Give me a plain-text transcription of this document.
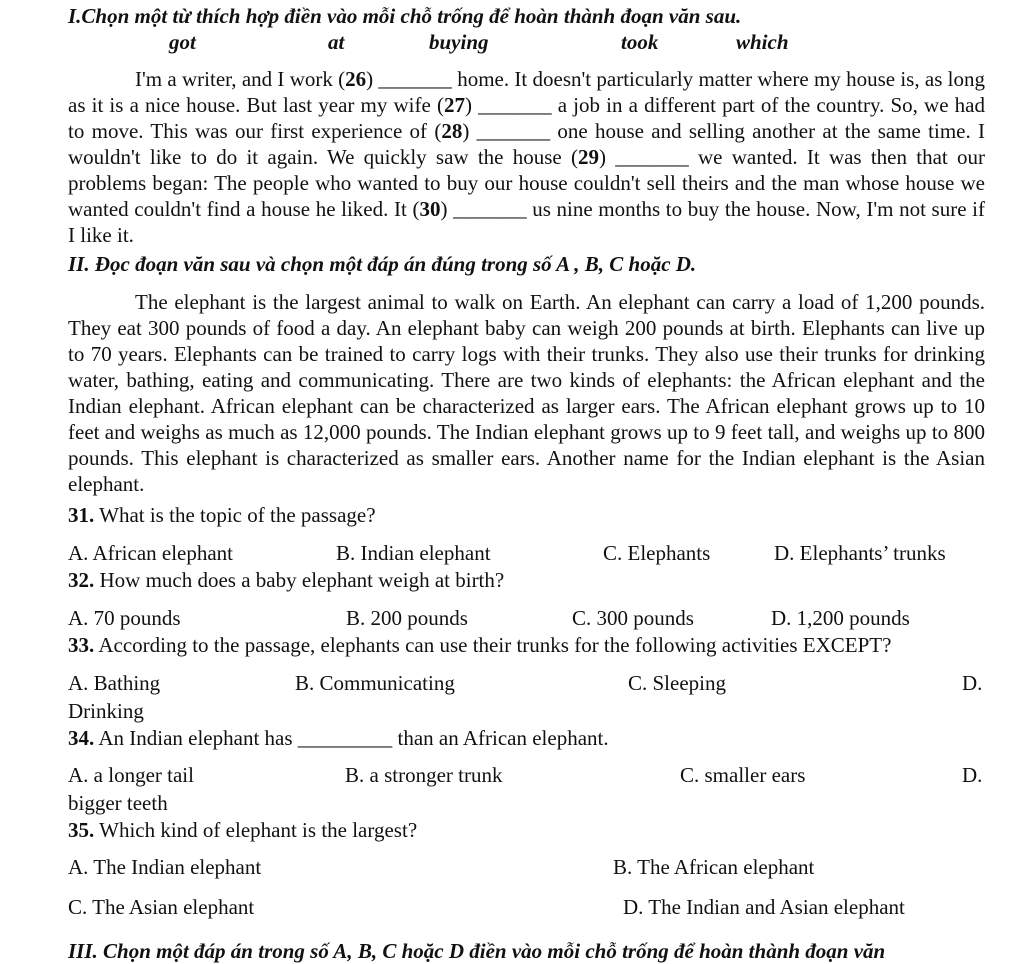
I.Chọn một từ thích hợp điền vào mỗi chỗ trống để hoàn thành đoạn văn sau.

got	at	buying	took	which

I'm a writer, and I work (26) _______ home. It doesn't particularly matter where my house is, as long as it is a nice house. But last year my wife (27) _______ a job in a different part of the country. So, we had to move. This was our first experience of (28) _______ one house and selling another at the same time. I wouldn't like to do it again. We quickly saw the house (29) _______ we wanted. It was then that our problems began: The people who wanted to buy our house couldn't sell theirs and the man whose house we wanted couldn't find a house he liked. It (30) _______ us nine months to buy the house. Now, I'm not sure if I like it.

II. Đọc đoạn văn sau và chọn một đáp án đúng trong số A , B, C hoặc D.

The elephant is the largest animal to walk on Earth. An elephant can carry a load of 1,200 pounds. They eat 300 pounds of food a day. An elephant baby can weigh 200 pounds at birth. Elephants can live up to 70 years. Elephants can be trained to carry logs with their trunks. They also use their trunks for drinking water, bathing, eating and communicating. There are two kinds of elephants: the African elephant and the Indian elephant. African elephant can be characterized as larger ears. The African elephant grows up to 10 feet and weighs as much as 12,000 pounds. The Indian elephant grows up to 9 feet tall, and weighs up to 800 pounds. This elephant is characterized as smaller ears. Another name for the Indian elephant is the Asian elephant.

31. What is the topic of the passage?

A. African elephant	B. Indian elephant	C. Elephants	D. Elephants’ trunks

32. How much does a baby elephant weigh at birth?

A. 70 pounds	B. 200 pounds	C. 300 pounds	D. 1,200 pounds

33. According to the passage, elephants can use their trunks for the following activities EXCEPT?

A. Bathing	B. Communicating	C. Sleeping	D.
Drinking

34. An Indian elephant has _________ than an African elephant.

A. a longer tail	B. a stronger trunk	C. smaller ears	D.
bigger teeth

35. Which kind of elephant is the largest?

A. The Indian elephant	B. The African elephant
C. The Asian elephant	D. The Indian and Asian elephant

III. Chọn một đáp án trong số A, B, C hoặc D điền vào mỗi chỗ trống để hoàn thành đoạn văn
